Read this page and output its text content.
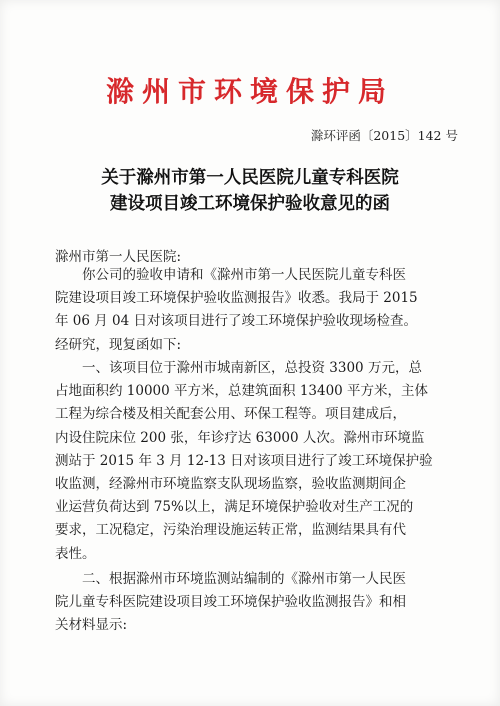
滁州市环境保护局
滁环评函〔2015〕142 号
关于滁州市第一人民医院儿童专科医院
建设项目竣工环境保护验收意见的函
滁州市第一人民医院:
　　你公司的验收申请和《滁州市第一人民医院儿童专科医
院建设项目竣工环境保护验收监测报告》收悉。我局于 2015
年 06 月 04 日对该项目进行了竣工环境保护验收现场检查。
经研究，现复函如下:
　　一、该项目位于滁州市城南新区，总投资 3300 万元，总
占地面积约 10000 平方米，总建筑面积 13400 平方米，主体
工程为综合楼及相关配套公用、环保工程等。项目建成后，
内设住院床位 200 张，年诊疗达 63000 人次。滁州市环境监
测站于 2015 年 3 月 12-13 日对该项目进行了竣工环境保护验
收监测，经滁州市环境监察支队现场监察，验收监测期间企
业运营负荷达到 75%以上，满足环境保护验收对生产工况的
要求，工况稳定，污染治理设施运转正常，监测结果具有代
表性。
　　二、根据滁州市环境监测站编制的《滁州市第一人民医
院儿童专科医院建设项目竣工环境保护验收监测报告》和相
关材料显示:
